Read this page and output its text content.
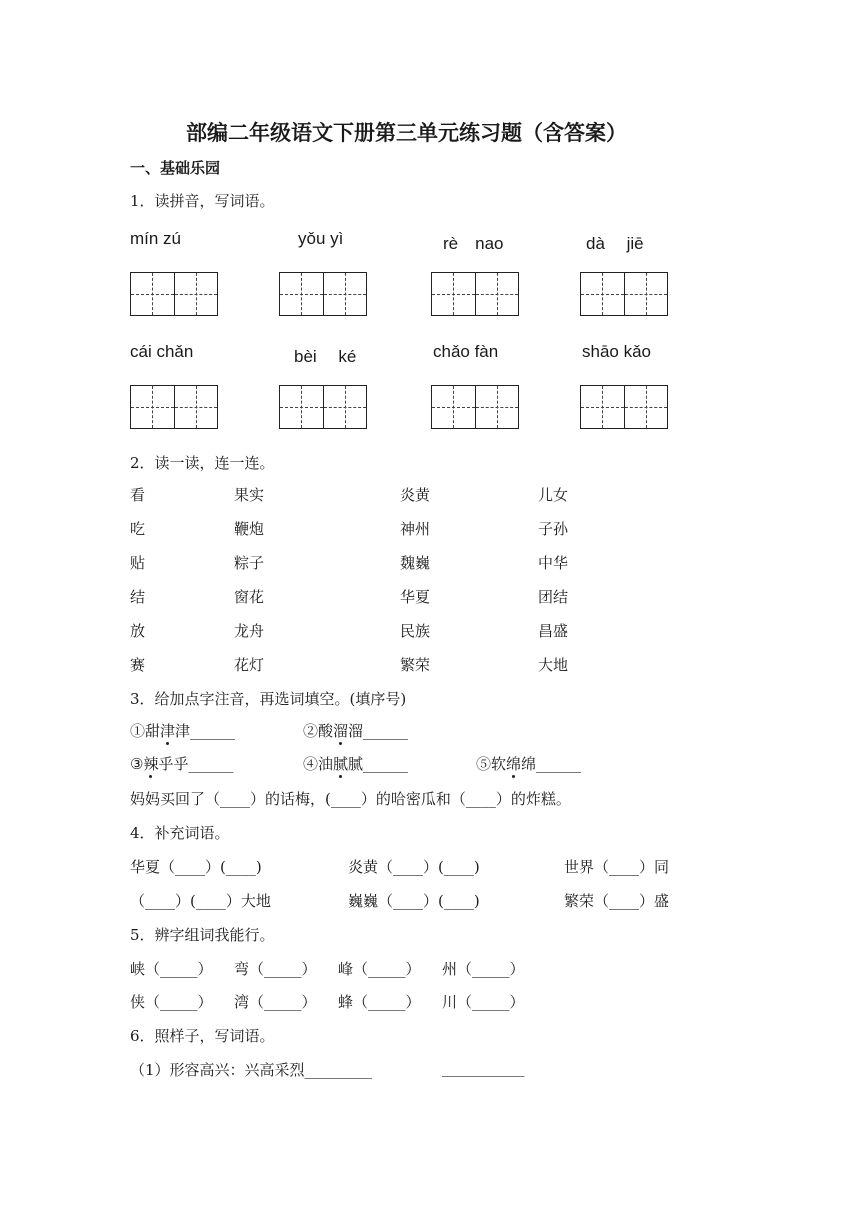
部编二年级语文下册第三单元练习题（含答案）
一、基础乐园
1．读拼音，写词语。
mín zú	yǒu yì	rè　nao	dà　 jiē
cái chǎn	bèi　 ké	chǎo fàn	shāo kǎo
2．读一读，连一连。
看	果实	炎黄	儿女
吃	鞭炮	神州	子孙
贴	粽子	魏巍	中华
结	窗花	华夏	团结
放	龙舟	民族	昌盛
赛	花灯	繁荣	大地
3．给加点字注音，再选词填空。(填序号)
①甜津津______	②酸溜溜______
③辣乎乎______	④油腻腻______	⑤软绵绵______
妈妈买回了（____）的话梅，(____）的哈密瓜和（____）的炸糕。
4．补充词语。
华夏（____）(____)	炎黄（____）(____)	世界（____）同
（____）(____）大地	巍巍（____）(____)	繁荣（____）盛
5．辨字组词我能行。
峡（_____） 弯（_____） 峰（_____） 州（_____）
侠（_____） 湾（_____） 蜂（_____） 川（_____）
6．照样子，写词语。
（1）形容高兴：兴高采烈_________	___________
